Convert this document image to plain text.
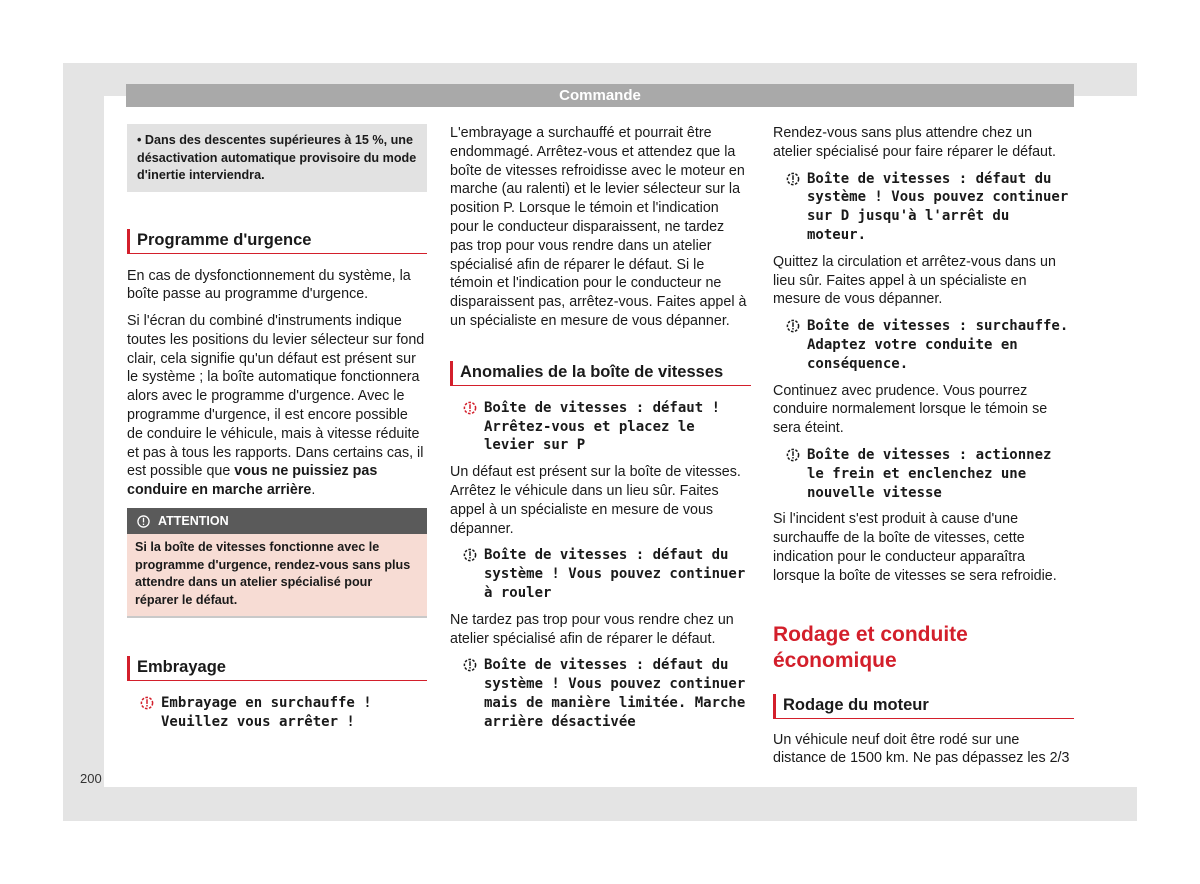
Commande
• Dans des descentes supérieures à 15 %, une désactivation automatique provisoire du mode d'inertie interviendra.
Programme d'urgence

En cas de dysfonctionnement du système, la boîte passe au programme d'urgence.

Si l'écran du combiné d'instruments indique toutes les positions du levier sélecteur sur fond clair, cela signifie qu'un défaut est présent sur le système ; la boîte automatique fonctionnera alors avec le programme d'urgence. Avec le programme d'urgence, il est encore possible de conduire le véhicule, mais à vitesse réduite et pas à tous les rapports. Dans certains cas, il est possible que vous ne puissiez pas conduire en marche arrière.

ATTENTION
Si la boîte de vitesses fonctionne avec le programme d'urgence, rendez-vous sans plus attendre dans un atelier spécialisé pour réparer le défaut.
Embrayage
Embrayage en surchauffe ! Veuillez vous arrêter !

L'embrayage a surchauffé et pourrait être endommagé. Arrêtez-vous et attendez que la boîte de vitesses refroidisse avec le moteur en marche (au ralenti) et le levier sélecteur sur la position P. Lorsque le témoin et l'indication pour le conducteur disparaissent, ne tardez pas trop pour vous rendre dans un atelier spécialisé afin de réparer le défaut. Si le témoin et l'indication pour le conducteur ne disparaissent pas, arrêtez-vous. Faites appel à un spécialiste en mesure de vous dépanner.

Anomalies de la boîte de vitesses
Boîte de vitesses : défaut ! Arrêtez-vous et placez le levier sur P

Un défaut est présent sur la boîte de vitesses. Arrêtez le véhicule dans un lieu sûr. Faites appel à un spécialiste en mesure de vous dépanner.

Boîte de vitesses : défaut du système ! Vous pouvez continuer à rouler

Ne tardez pas trop pour vous rendre chez un atelier spécialisé afin de réparer le défaut.

Boîte de vitesses : défaut du système ! Vous pouvez continuer mais de manière limitée. Marche arrière désactivée

Rendez-vous sans plus attendre chez un atelier spécialisé pour faire réparer le défaut.

Boîte de vitesses : défaut du système ! Vous pouvez continuer sur D jusqu'à l'arrêt du moteur.

Quittez la circulation et arrêtez-vous dans un lieu sûr. Faites appel à un spécialiste en mesure de vous dépanner.

Boîte de vitesses : surchauffe. Adaptez votre conduite en conséquence.

Continuez avec prudence. Vous pourrez conduire normalement lorsque le témoin se sera éteint.

Boîte de vitesses : actionnez le frein et enclenchez une nouvelle vitesse

Si l'incident s'est produit à cause d'une surchauffe de la boîte de vitesses, cette indication pour le conducteur apparaîtra lorsque la boîte de vitesses se sera refroidie.

Rodage et conduite économique
Rodage du moteur

Un véhicule neuf doit être rodé sur une distance de 1500 km. Ne pas dépassez les 2/3

200
